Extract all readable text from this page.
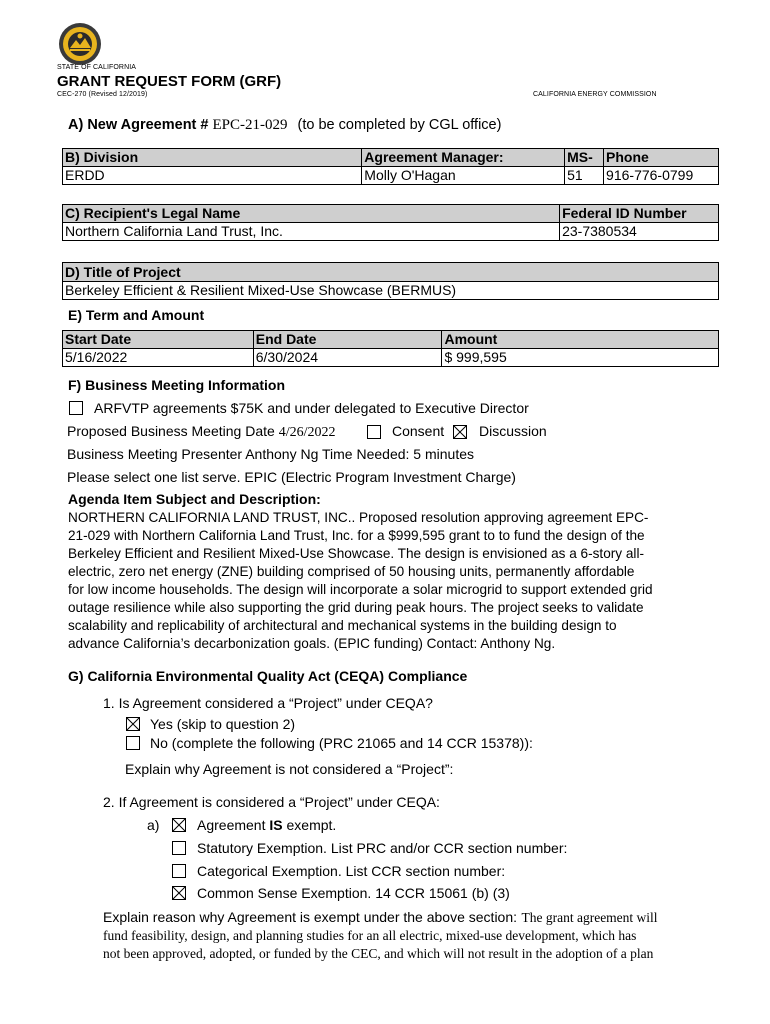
STATE OF CALIFORNIA
GRANT REQUEST FORM (GRF)
CEC-270 (Revised 12/2019)	CALIFORNIA ENERGY COMMISSION
A) New Agreement # EPC-21-029 (to be completed by CGL office)
B) Division	Agreement Manager:	MS-	Phone
ERDD	Molly O'Hagan	51	916-776-0799
C) Recipient's Legal Name	Federal ID Number
Northern California Land Trust, Inc.	23-7380534
D) Title of Project
Berkeley Efficient & Resilient Mixed-Use Showcase (BERMUS)
E) Term and Amount
Start Date	End Date	Amount
5/16/2022	6/30/2024	$ 999,595
F) Business Meeting Information
ARFVTP agreements $75K and under delegated to Executive Director
Proposed Business Meeting Date 4/26/2022	Consent Discussion
Business Meeting Presenter Anthony Ng Time Needed: 5 minutes
Please select one list serve. EPIC (Electric Program Investment Charge)
Agenda Item Subject and Description:
NORTHERN CALIFORNIA LAND TRUST, INC.. Proposed resolution approving agreement EPC-
21-029 with Northern California Land Trust, Inc. for a $999,595 grant to to fund the design of the
Berkeley Efficient and Resilient Mixed-Use Showcase. The design is envisioned as a 6-story all-
electric, zero net energy (ZNE) building comprised of 50 housing units, permanently affordable
for low income households. The design will incorporate a solar microgrid to support extended grid
outage resilience while also supporting the grid during peak hours. The project seeks to validate
scalability and replicability of architectural and mechanical systems in the building design to
advance California’s decarbonization goals. (EPIC funding) Contact: Anthony Ng.
G) California Environmental Quality Act (CEQA) Compliance
1. Is Agreement considered a “Project” under CEQA?
Yes (skip to question 2)
No (complete the following (PRC 21065 and 14 CCR 15378)):
Explain why Agreement is not considered a “Project”:
2. If Agreement is considered a “Project” under CEQA:
a)	Agreement IS exempt.
Statutory Exemption. List PRC and/or CCR section number:
Categorical Exemption. List CCR section number:
Common Sense Exemption. 14 CCR 15061 (b) (3)
Explain reason why Agreement is exempt under the above section: The grant agreement will
fund feasibility, design, and planning studies for an all electric, mixed-use development, which has
not been approved, adopted, or funded by the CEC, and which will not result in the adoption of a plan
